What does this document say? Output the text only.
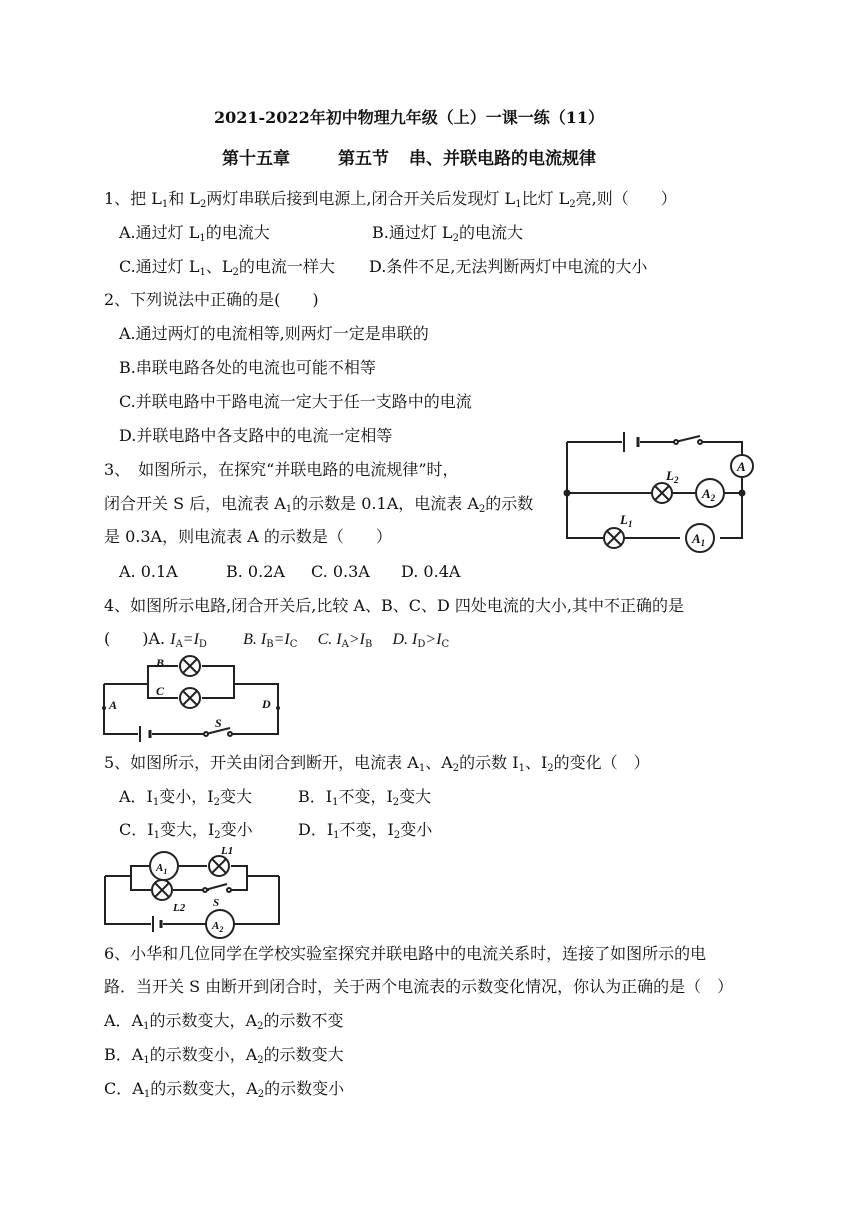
2021-2022年初中物理九年级（上）一课一练（11）
第十五章	第五节 串、并联电路的电流规律
1、把 $L_1$和 $L_2$两灯串联后接到电源上,闭合开关后发现灯 $L_1$比灯 $L_2$亮,则（　　）
A.通过灯 $L_1$的电流大	B.通过灯 $L_2$的电流大
C.通过灯 $L_1$、$L_2$的电流一样大 D.条件不足,无法判断两灯中电流的大小
2、下列说法中正确的是(　　)
A.通过两灯的电流相等,则两灯一定是串联的
B.串联电路各处的电流也可能不相等
C.并联电路中干路电流一定大于任一支路中的电流
D.并联电路中各支路中的电流一定相等
3、　如图所示，在探究“并联电路的电流规律”时，
闭合开关 S 后，电流表 $A_1$的示数是 0.1A，电流表 $A_2$的示数
是 0.3A，则电流表 A 的示数是（　　）
A. 0.1A	B. 0.2A C. 0.3A D. 0.4A
A
$A_2$
$A_1$
$L_2$
$L_1$
4、如图所示电路,闭合开关后,比较 A、B、C、D 四处电流的大小,其中不正确的是
(　　)A. $I_A=I_D$ B. $I_B=I_C$ C. $I_A>I_B$ D. $I_D>I_C$
B
C
A	D
S
5、如图所示，开关由闭合到断开，电流表 $A_1$、$A_2$的示数 $I_1$、$I_2$的变化（　）
A．$I_1$变小，$I_2$变大	B．$I_1$不变，$I_2$变大
C．$I_1$变大，$I_2$变小	D．$I_1$不变，$I_2$变小
$A_1$
$A_2$
L1
L2	S
6、小华和几位同学在学校实验室探究并联电路中的电流关系时，连接了如图所示的电
路．当开关 S 由断开到闭合时，关于两个电流表的示数变化情况，你认为正确的是（　）
A．$A_1$的示数变大，$A_2$的示数不变
B．$A_1$的示数变小，$A_2$的示数变大
C．$A_1$的示数变大，$A_2$的示数变小
